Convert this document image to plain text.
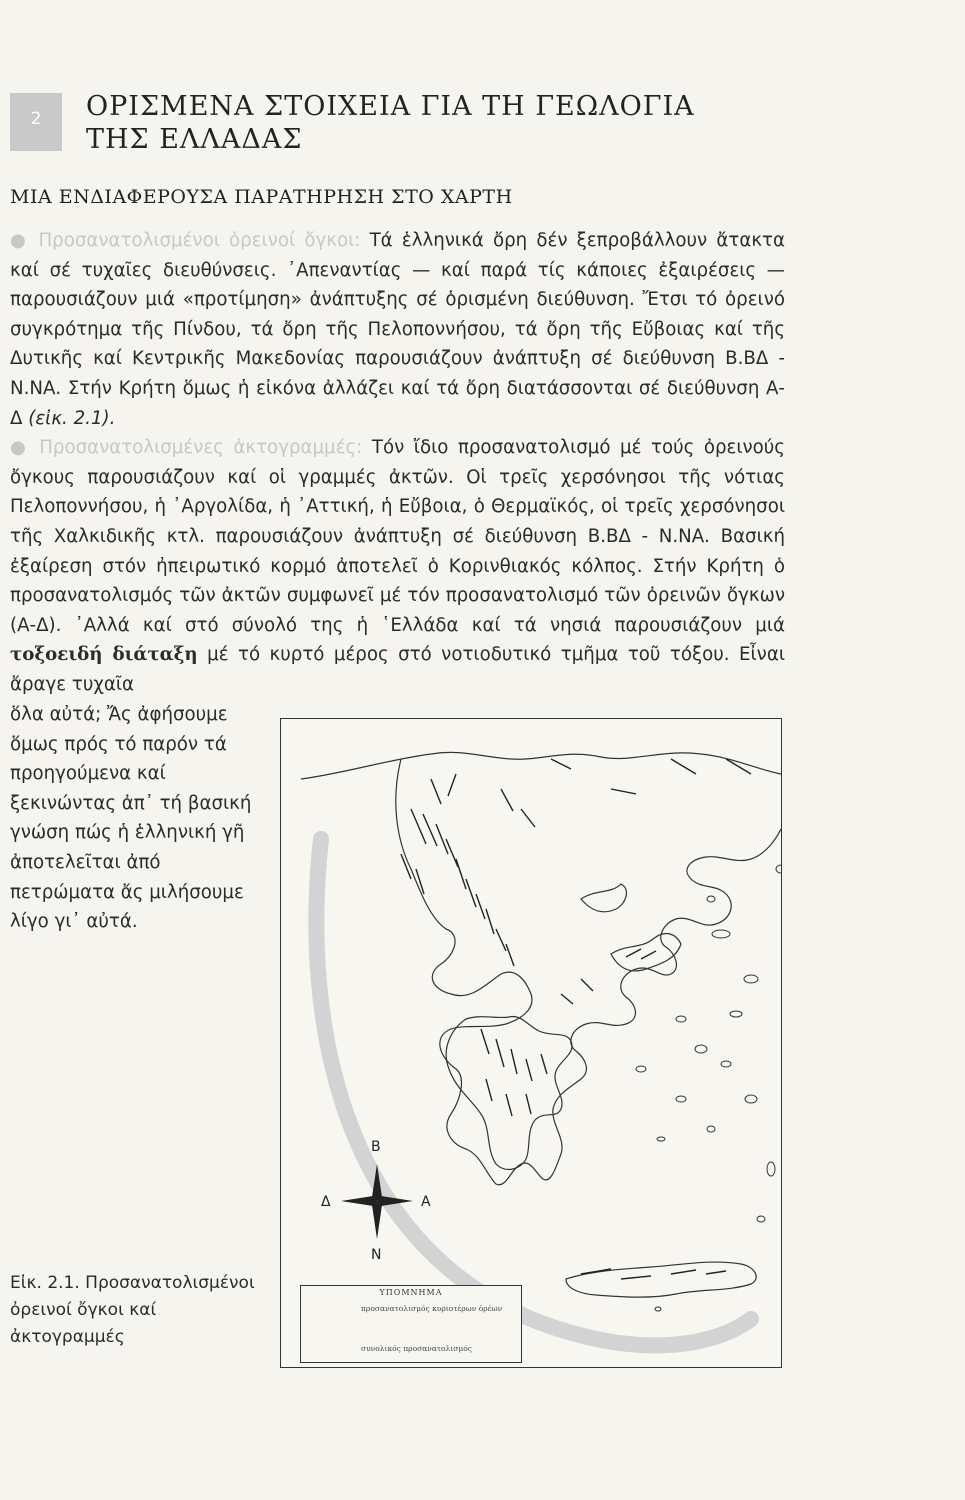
2 ΟΡΙΣΜΕΝΑ ΣΤΟΙΧΕΙΑ ΓΙΑ ΤΗ ΓΕΩΛΟΓΙΑ
ΤΗΣ ΕΛΛΑΔΑΣ
ΜΙΑ ΕΝΔΙΑΦΕΡΟΥΣΑ ΠΑΡΑΤΗΡΗΣΗ ΣΤΟ ΧΑΡΤΗ
● Προσανατολισμένοι ὀρεινοί ὄγκοι: Τά ἑλληνικά ὄρη δέν ξεπροβάλλουν ἄτακτα καί σέ τυχαῖες διευθύνσεις. ᾿Απεναντίας — καί παρά τίς κάποιες ἐξαιρέσεις — παρουσιάζουν μιά «προτίμηση» ἀνάπτυξης σέ ὁρισμένη διεύθυνση. Ἔτσι τό ὀρεινό συγκρότημα τῆς Πίνδου, τά ὄρη τῆς Πελοποννήσου, τά ὄρη τῆς Εὔβοιας καί τῆς Δυτικῆς καί Κεντρικῆς Μακεδονίας παρουσιάζουν ἀνάπτυξη σέ διεύθυνση Β.ΒΔ - Ν.ΝΑ. Στήν Κρήτη ὅμως ἡ εἰκόνα ἀλλάζει καί τά ὄρη διατάσσονται σέ διεύθυνση Α-Δ (εἰκ. 2.1).
● Προσανατολισμένες ἀκτογραμμές: Τόν ἴδιο προσανατολισμό μέ τούς ὀρεινούς ὄγκους παρουσιάζουν καί οἱ γραμμές ἀκτῶν. Οἱ τρεῖς χερσόνησοι τῆς νότιας Πελοποννήσου, ἡ ᾿Αργολίδα, ἡ ᾿Αττική, ἡ Εὔβοια, ὁ Θερμαϊκός, οἱ τρεῖς χερσόνησοι τῆς Χαλκιδικῆς κτλ. παρουσιάζουν ἀνάπτυξη σέ διεύθυνση Β.ΒΔ - Ν.ΝΑ. Βασική ἐξαίρεση στόν ἠπειρωτικό κορμό ἀποτελεῖ ὁ Κορινθιακός κόλπος. Στήν Κρήτη ὁ προσανατολισμός τῶν ἀκτῶν συμφωνεῖ μέ τόν προσανατολισμό τῶν ὀρεινῶν ὄγκων (Α-Δ). ᾿Αλλά καί στό σύνολό της ἡ ῾Ελλάδα καί τά νησιά παρουσιάζουν μιά τοξοειδή διάταξη μέ τό κυρτό μέρος στό νοτιοδυτικό τμῆμα τοῦ τόξου. Εἶναι ἄραγε τυχαῖα
ὅλα αὐτά; Ἄς ἀφήσουμε ὅμως πρός τό παρόν τά προηγούμενα καί ξεκινώντας ἀπ᾿ τή βασική γνώση πώς ἡ ἑλληνική γῆ ἀποτελεῖται ἀπό πετρώματα ἄς μιλήσουμε λίγο γι᾿ αὐτά.
Β
Ν
Δ	Α
ΥΠΟΜΝΗΜΑ
προσανατολισμός κυριοτέρων ὀρέων
συνολικός προσανατολισμός
Εἰκ. 2.1. Προσανατολισμένοι ὀρεινοί ὄγκοι καί ἀκτογραμμές
